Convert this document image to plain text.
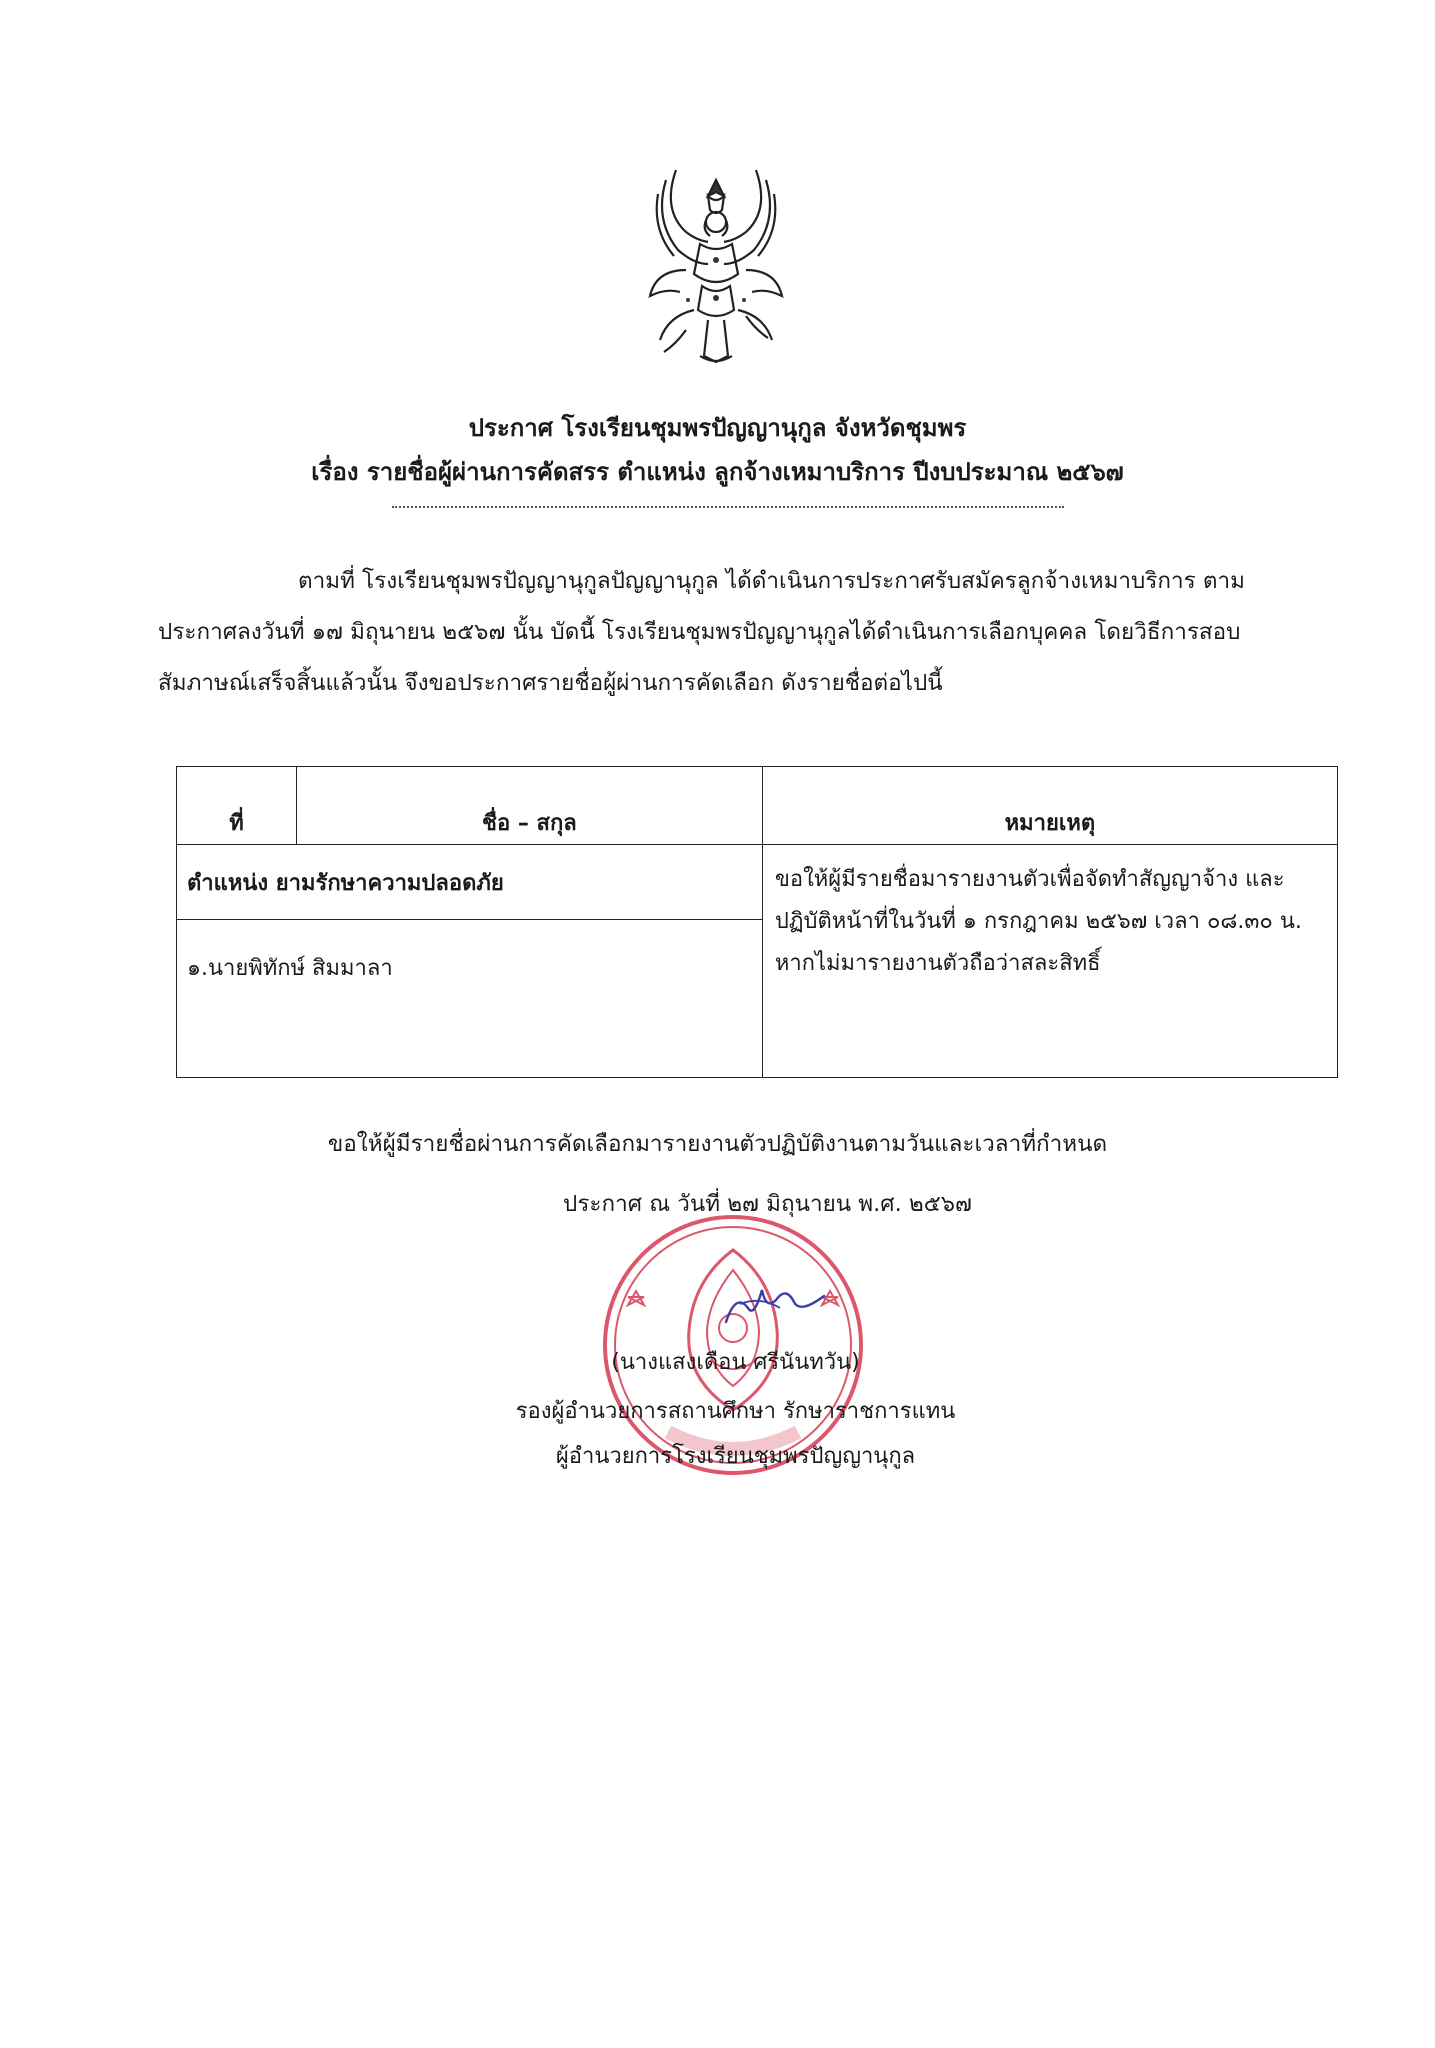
ประกาศ โรงเรียนชุมพรปัญญานุกูล จังหวัดชุมพร
เรื่อง รายชื่อผู้ผ่านการคัดสรร ตำแหน่ง ลูกจ้างเหมาบริการ ปีงบประมาณ ๒๕๖๗

ตามที่ โรงเรียนชุมพรปัญญานุกูลปัญญานุกูล ได้ดำเนินการประกาศรับสมัครลูกจ้างเหมาบริการ ตามประกาศลงวันที่ ๑๗ มิถุนายน ๒๕๖๗ นั้น บัดนี้ โรงเรียนชุมพรปัญญานุกูลได้ดำเนินการเลือกบุคคล โดยวิธีการสอบสัมภาษณ์เสร็จสิ้นแล้วนั้น จึงขอประกาศรายชื่อผู้ผ่านการคัดเลือก ดังรายชื่อต่อไปนี้

ที่	ชื่อ – สกุล	หมายเหตุ
ตำแหน่ง ยามรักษาความปลอดภัย		ขอให้ผู้มีรายชื่อมารายงานตัวเพื่อจัดทำสัญญาจ้าง และปฏิบัติหน้าที่ในวันที่ ๑ กรกฎาคม ๒๕๖๗ เวลา ๐๘.๓๐ น. หากไม่มารายงานตัวถือว่าสละสิทธิ์
๑.นายพิทักษ์ สิมมาลา		
ขอให้ผู้มีรายชื่อผ่านการคัดเลือกมารายงานตัวปฏิบัติงานตามวันและเวลาที่กำหนด
ประกาศ ณ วันที่ ๒๗ มิถุนายน พ.ศ. ๒๕๖๗
(นางแสงเดือน ศรีนันทวัน)
รองผู้อำนวยการสถานศึกษา รักษาราชการแทน
ผู้อำนวยการโรงเรียนชุมพรปัญญานุกูล
